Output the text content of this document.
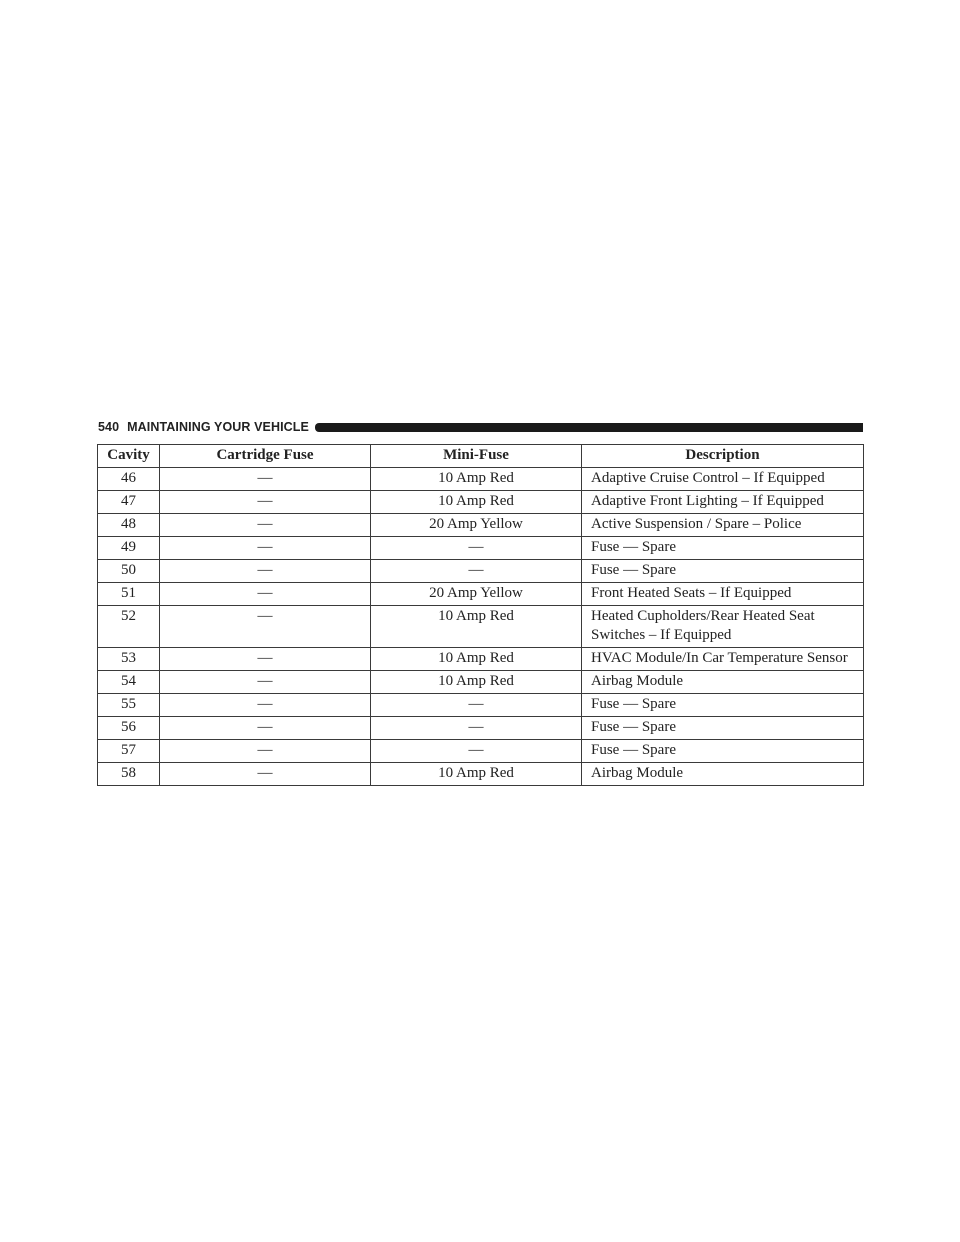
540 MAINTAINING YOUR VEHICLE
Cavity	Cartridge Fuse	Mini-Fuse	Description
46	—	10 Amp Red	Adaptive Cruise Control – If Equipped
47	—	10 Amp Red	Adaptive Front Lighting – If Equipped
48	—	20 Amp Yellow	Active Suspension / Spare – Police
49	—	—	Fuse — Spare
50	—	—	Fuse — Spare
51	—	20 Amp Yellow	Front Heated Seats – If Equipped
52	—	10 Amp Red	Heated Cupholders/Rear Heated Seat Switches – If Equipped
53	—	10 Amp Red	HVAC Module/In Car Temperature Sensor
54	—	10 Amp Red	Airbag Module
55	—	—	Fuse — Spare
56	—	—	Fuse — Spare
57	—	—	Fuse — Spare
58	—	10 Amp Red	Airbag Module
